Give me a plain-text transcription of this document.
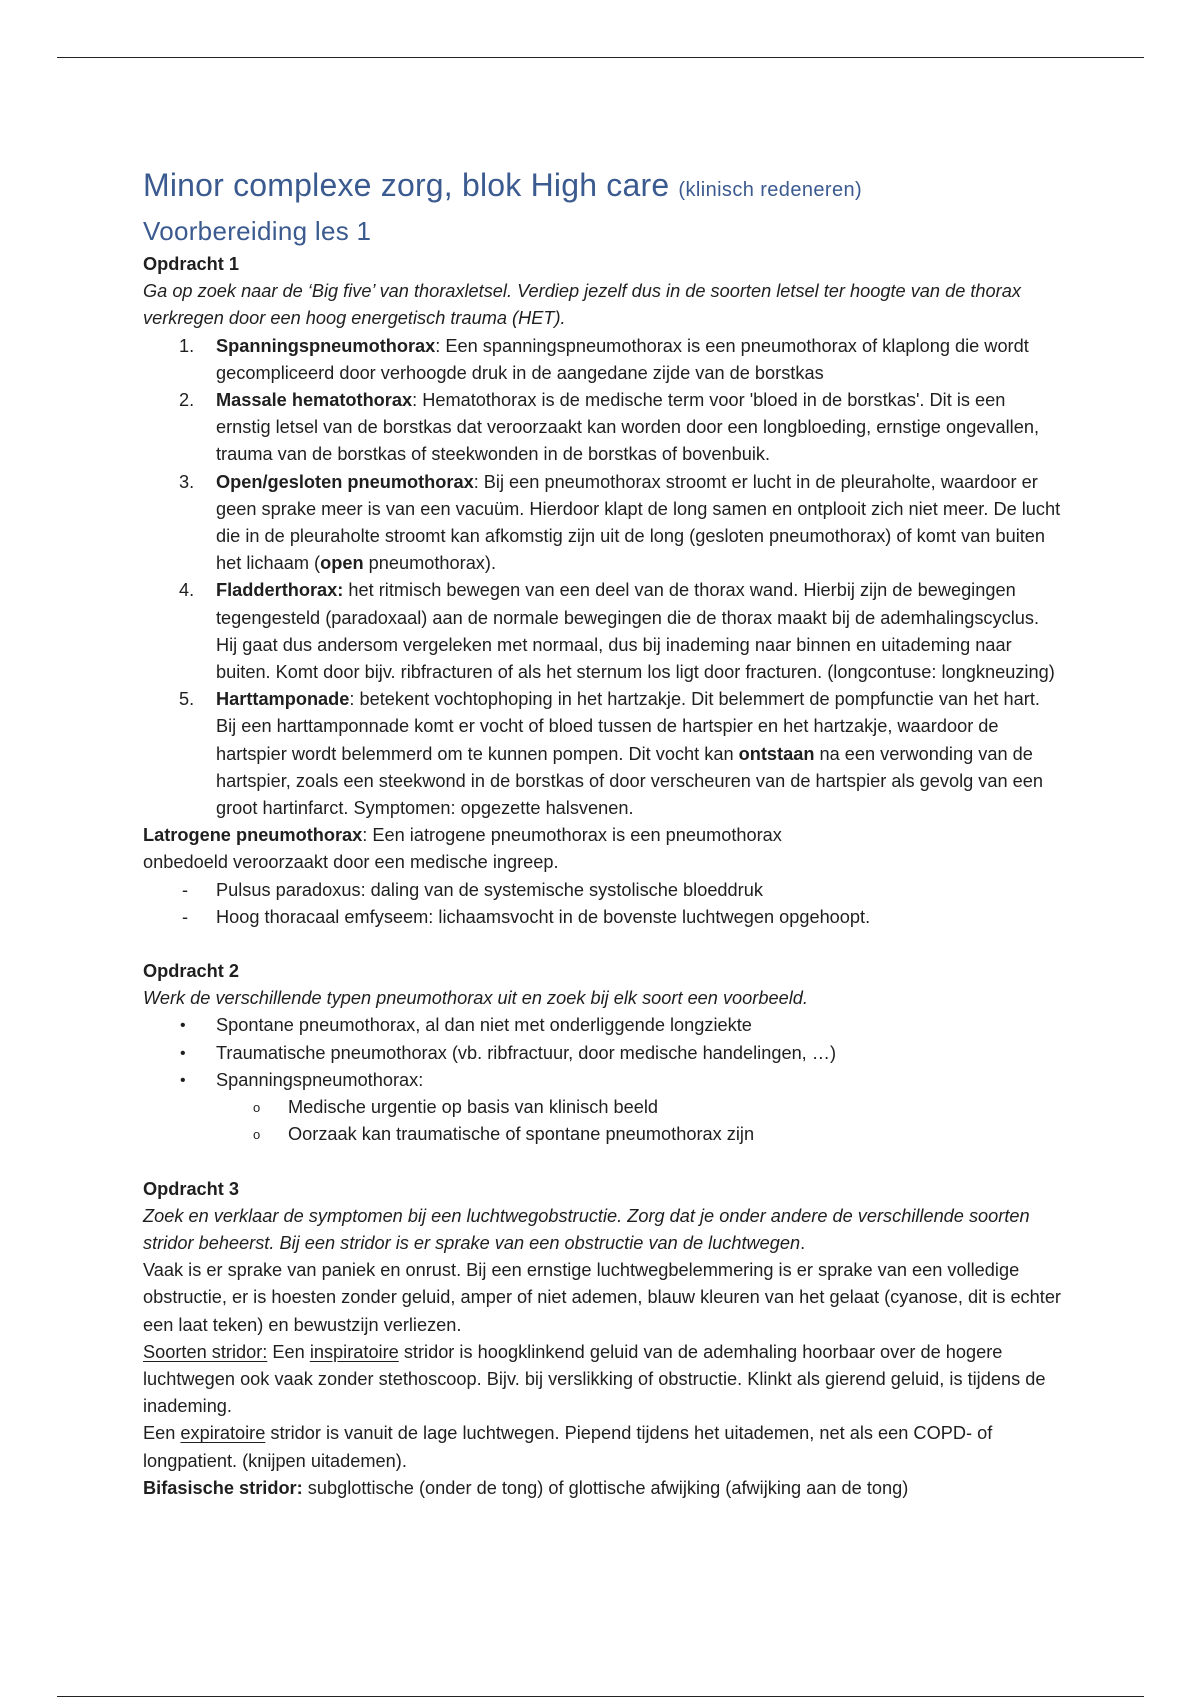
Minor complexe zorg, blok High care (klinisch redeneren)
Voorbereiding les 1

Opdracht 1

Ga op zoek naar de ‘Big five’ van thoraxletsel. Verdiep jezelf dus in de soorten letsel ter hoogte van de thorax verkregen door een hoog energetisch trauma (HET).

1. Spanningspneumothorax: Een spanningspneumothorax is een pneumothorax of klaplong die wordt gecompliceerd door verhoogde druk in de aangedane zijde van de borstkas
2. Massale hematothorax: Hematothorax is de medische term voor 'bloed in de borstkas'. Dit is een ernstig letsel van de borstkas dat veroorzaakt kan worden door een longbloeding, ernstige ongevallen, trauma van de borstkas of steekwonden in de borstkas of bovenbuik.
3. Open/gesloten pneumothorax: Bij een pneumothorax stroomt er lucht in de pleuraholte, waardoor er geen sprake meer is van een vacuüm. Hierdoor klapt de long samen en ontplooit zich niet meer. De lucht die in de pleuraholte stroomt kan afkomstig zijn uit de long (gesloten pneumothorax) of komt van buiten het lichaam (open pneumothorax).
4. Fladderthorax: het ritmisch bewegen van een deel van de thorax wand. Hierbij zijn de bewegingen tegengesteld (paradoxaal) aan de normale bewegingen die de thorax maakt bij de ademhalingscyclus. Hij gaat dus andersom vergeleken met normaal, dus bij inademing naar binnen en uitademing naar buiten. Komt door bijv. ribfracturen of als het sternum los ligt door fracturen. (longcontuse: longkneuzing)
5. Harttamponade: betekent vochtophoping in het hartzakje. Dit belemmert de pompfunctie van het hart. Bij een harttamponnade komt er vocht of bloed tussen de hartspier en het hartzakje, waardoor de hartspier wordt belemmerd om te kunnen pompen. Dit vocht kan ontstaan na een verwonding van de hartspier, zoals een steekwond in de borstkas of door verscheuren van de hartspier als gevolg van een groot hartinfarct. Symptomen: opgezette halsvenen.

Latrogene pneumothorax: Een iatrogene pneumothorax is een pneumothorax onbedoeld veroorzaakt door een medische ingreep.

- Pulsus paradoxus: daling van de systemische systolische bloeddruk
- Hoog thoracaal emfyseem: lichaamsvocht in de bovenste luchtwegen opgehoopt.

Opdracht 2

Werk de verschillende typen pneumothorax uit en zoek bij elk soort een voorbeeld.

• Spontane pneumothorax, al dan niet met onderliggende longziekte
• Traumatische pneumothorax (vb. ribfractuur, door medische handelingen, …)
• Spanningspneumothorax:
o Medische urgentie op basis van klinisch beeld
o Oorzaak kan traumatische of spontane pneumothorax zijn

Opdracht 3

Zoek en verklaar de symptomen bij een luchtwegobstructie. Zorg dat je onder andere de verschillende soorten stridor beheerst. Bij een stridor is er sprake van een obstructie van de luchtwegen.

Vaak is er sprake van paniek en onrust. Bij een ernstige luchtwegbelemmering is er sprake van een volledige obstructie, er is hoesten zonder geluid, amper of niet ademen, blauw kleuren van het gelaat (cyanose, dit is echter een laat teken) en bewustzijn verliezen.

Soorten stridor: Een inspiratoire stridor is hoogklinkend geluid van de ademhaling hoorbaar over de hogere luchtwegen ook vaak zonder stethoscoop. Bijv. bij verslikking of obstructie. Klinkt als gierend geluid, is tijdens de inademing.

Een expiratoire stridor is vanuit de lage luchtwegen. Piepend tijdens het uitademen, net als een COPD- of longpatient. (knijpen uitademen).

Bifasische stridor: subglottische (onder de tong) of glottische afwijking (afwijking aan de tong)
